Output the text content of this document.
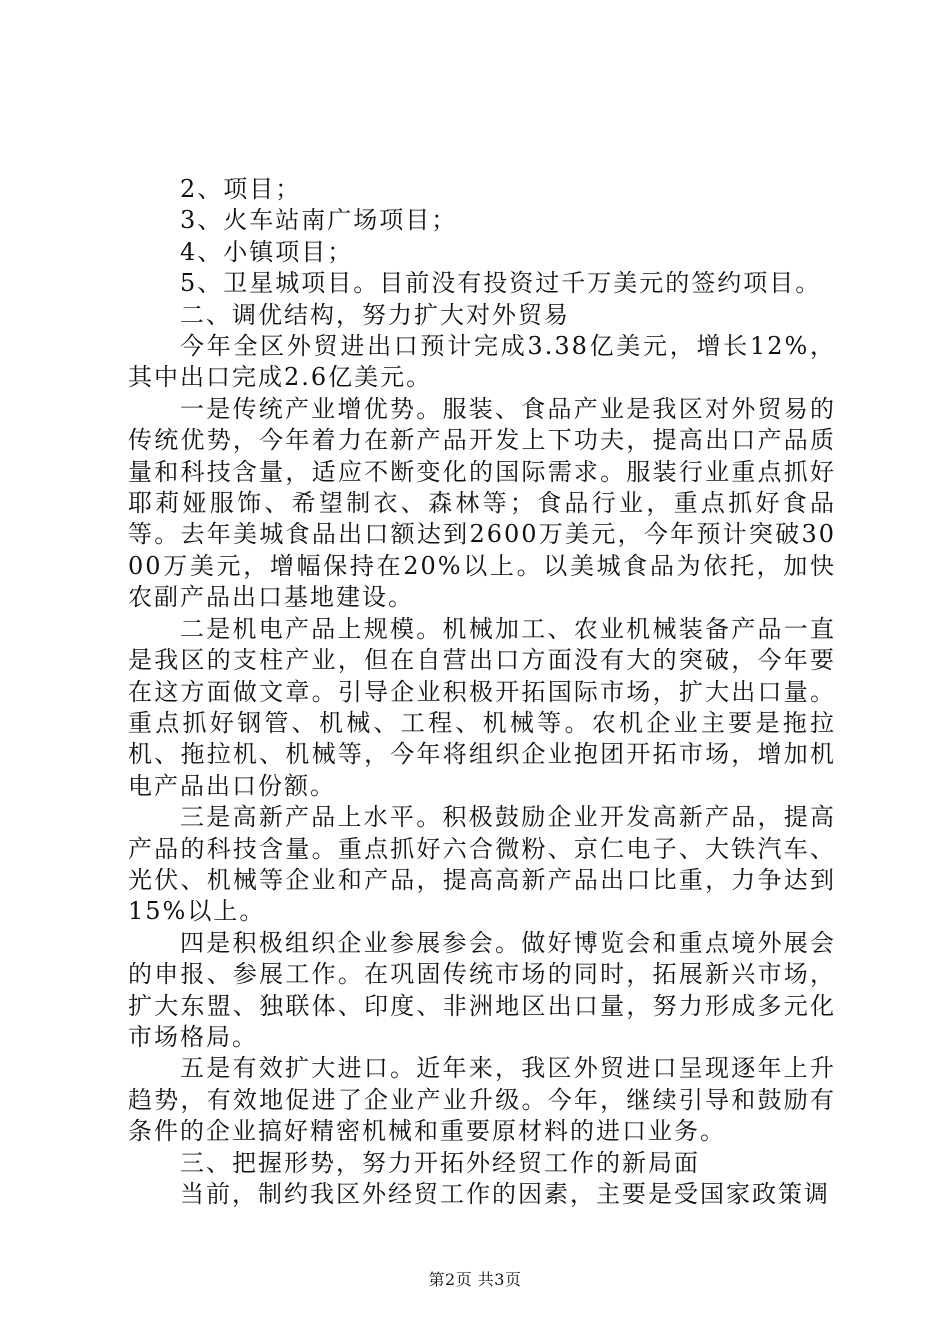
2、项目；

3、火车站南广场项目；

4、小镇项目；

5、卫星城项目。目前没有投资过千万美元的签约项目。

二、调优结构，努力扩大对外贸易

今年全区外贸进出口预计完成3.38亿美元，增长12%，其中出口完成2.6亿美元。

一是传统产业增优势。服装、食品产业是我区对外贸易的传统优势，今年着力在新产品开发上下功夫，提高出口产品质量和科技含量，适应不断变化的国际需求。服装行业重点抓好耶莉娅服饰、希望制衣、森林等；食品行业，重点抓好食品等。去年美城食品出口额达到2600万美元，今年预计突破3000万美元，增幅保持在20%以上。以美城食品为依托，加快农副产品出口基地建设。

二是机电产品上规模。机械加工、农业机械装备产品一直是我区的支柱产业，但在自营出口方面没有大的突破，今年要在这方面做文章。引导企业积极开拓国际市场，扩大出口量。重点抓好钢管、机械、工程、机械等。农机企业主要是拖拉机、拖拉机、机械等，今年将组织企业抱团开拓市场，增加机电产品出口份额。

三是高新产品上水平。积极鼓励企业开发高新产品，提高产品的科技含量。重点抓好六合微粉、京仁电子、大铁汽车、光伏、机械等企业和产品，提高高新产品出口比重，力争达到15%以上。

四是积极组织企业参展参会。做好博览会和重点境外展会的申报、参展工作。在巩固传统市场的同时，拓展新兴市场，扩大东盟、独联体、印度、非洲地区出口量，努力形成多元化市场格局。

五是有效扩大进口。近年来，我区外贸进口呈现逐年上升趋势，有效地促进了企业产业升级。今年，继续引导和鼓励有条件的企业搞好精密机械和重要原材料的进口业务。

三、把握形势，努力开拓外经贸工作的新局面

当前，制约我区外经贸工作的因素，主要是受国家政策调

第2页 共3页
